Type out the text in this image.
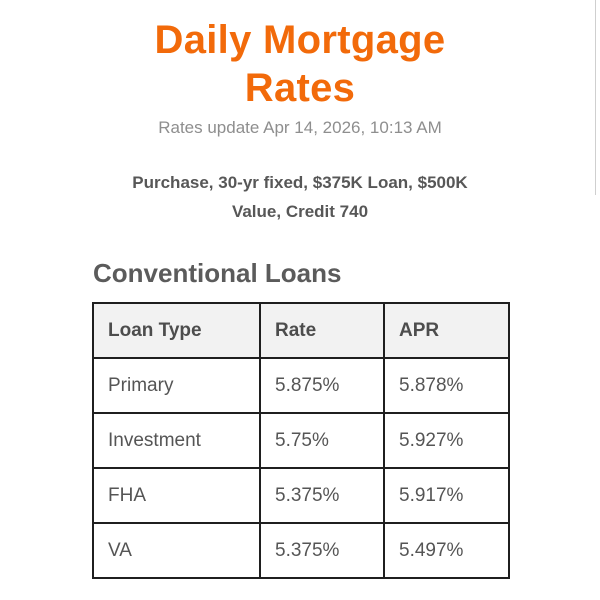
Daily Mortgage
Rates
Rates update Apr 14, 2026, 10:13 AM
Purchase, 30-yr fixed, $375K Loan, $500K
Value, Credit 740
Conventional Loans
Loan Type	Rate	APR
Primary	5.875%	5.878%
Investment	5.75%	5.927%
FHA	5.375%	5.917%
VA	5.375%	5.497%
